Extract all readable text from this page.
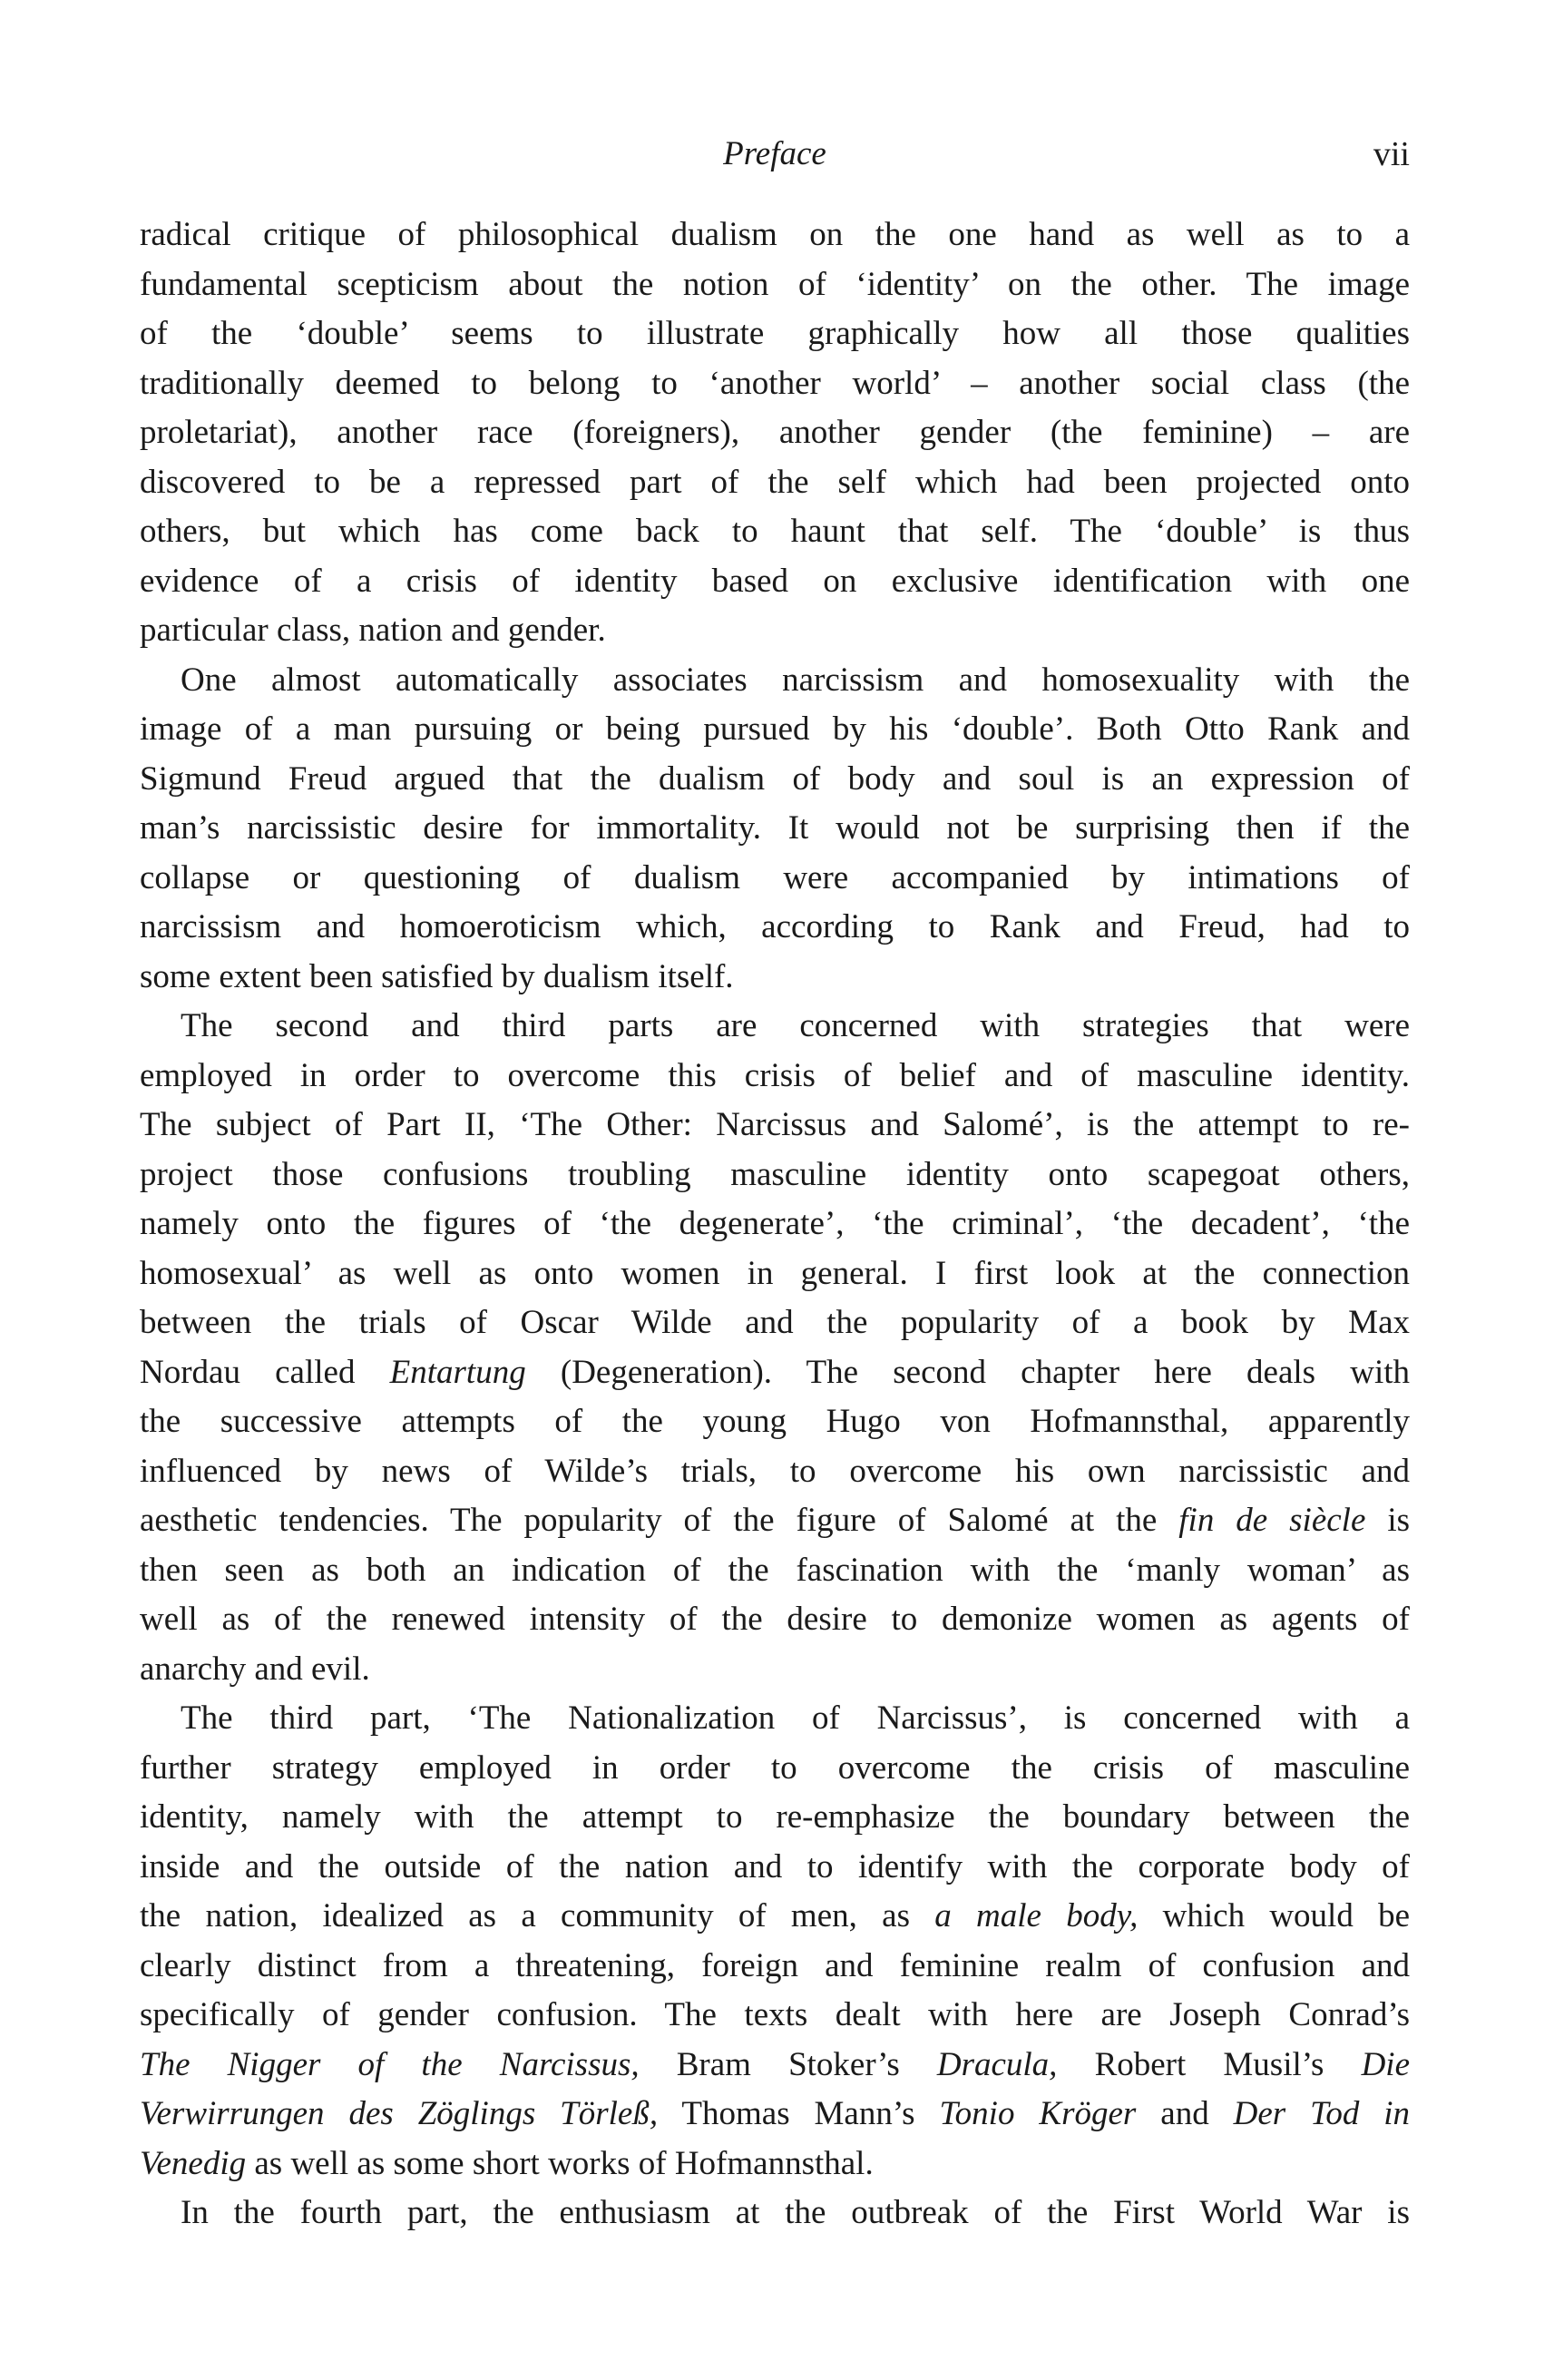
Preface	vii
radical critique of philosophical dualism on the one hand as well as to a
fundamental scepticism about the notion of ‘identity’ on the other. The image
of the ‘double’ seems to illustrate graphically how all those qualities
traditionally deemed to belong to ‘another world’ – another social class (the
proletariat), another race (foreigners), another gender (the feminine) – are
discovered to be a repressed part of the self which had been projected onto
others, but which has come back to haunt that self. The ‘double’ is thus
evidence of a crisis of identity based on exclusive identification with one
particular class, nation and gender.
One almost automatically associates narcissism and homosexuality with the
image of a man pursuing or being pursued by his ‘double’. Both Otto Rank and
Sigmund Freud argued that the dualism of body and soul is an expression of
man’s narcissistic desire for immortality. It would not be surprising then if the
collapse or questioning of dualism were accompanied by intimations of
narcissism and homoeroticism which, according to Rank and Freud, had to
some extent been satisfied by dualism itself.
The second and third parts are concerned with strategies that were
employed in order to overcome this crisis of belief and of masculine identity.
The subject of Part II, ‘The Other: Narcissus and Salomé’, is the attempt to re-
project those confusions troubling masculine identity onto scapegoat others,
namely onto the figures of ‘the degenerate’, ‘the criminal’, ‘the decadent’, ‘the
homosexual’ as well as onto women in general. I first look at the connection
between the trials of Oscar Wilde and the popularity of a book by Max
Nordau called Entartung (Degeneration). The second chapter here deals with
the successive attempts of the young Hugo von Hofmannsthal, apparently
influenced by news of Wilde’s trials, to overcome his own narcissistic and
aesthetic tendencies. The popularity of the figure of Salomé at the fin de siècle is
then seen as both an indication of the fascination with the ‘manly woman’ as
well as of the renewed intensity of the desire to demonize women as agents of
anarchy and evil.
The third part, ‘The Nationalization of Narcissus’, is concerned with a
further strategy employed in order to overcome the crisis of masculine
identity, namely with the attempt to re-emphasize the boundary between the
inside and the outside of the nation and to identify with the corporate body of
the nation, idealized as a community of men, as a male body, which would be
clearly distinct from a threatening, foreign and feminine realm of confusion and
specifically of gender confusion. The texts dealt with here are Joseph Conrad’s
The Nigger of the Narcissus, Bram Stoker’s Dracula, Robert Musil’s Die
Verwirrungen des Zöglings Törleß, Thomas Mann’s Tonio Kröger and Der Tod in
Venedig as well as some short works of Hofmannsthal.
In the fourth part, the enthusiasm at the outbreak of the First World War is
